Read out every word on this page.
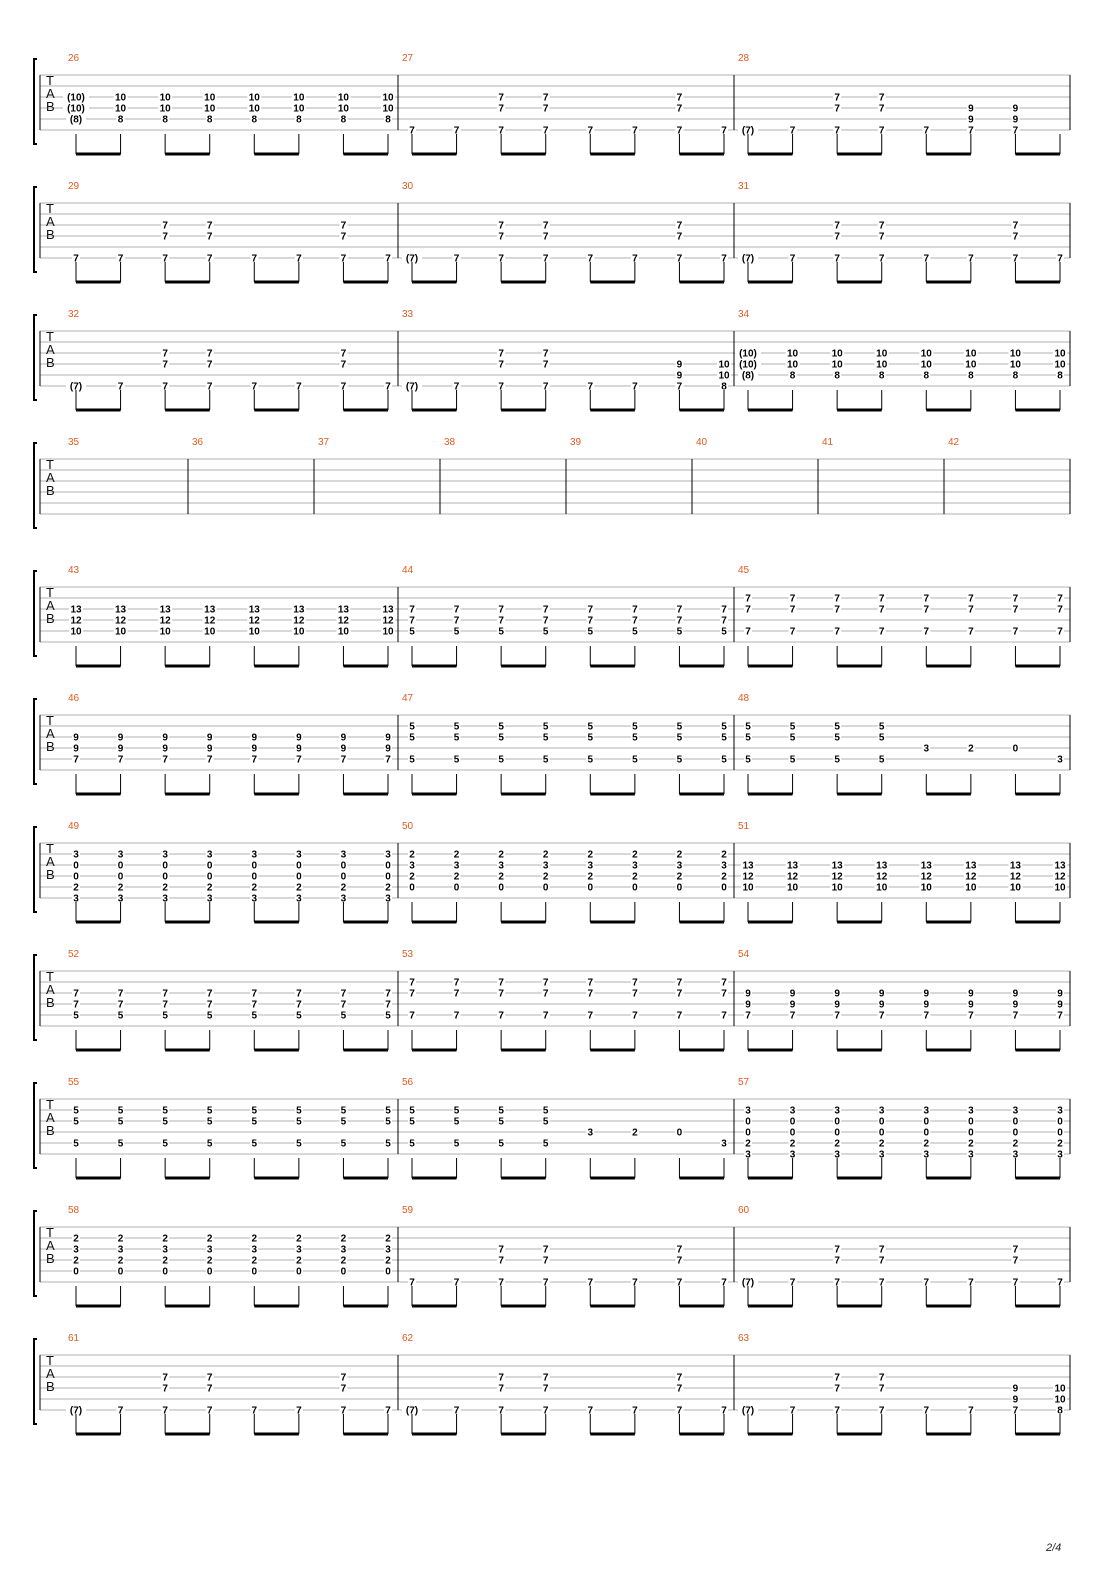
T
A
B
26
(10)
(10)
(8)
10
10
8
10
10
8
10
10
8
10
10
8
10
10
8
10
10
8
10
10
8
27
7	7
7
7
7
7
7
7	7	7
7
7
7	7
28
(7)	7
7
7
7
7
7
7	7
9
9
7
9
9
7
T
A
B
29
7	7
7
7
7
7
7
7	7	7
7
7
7	7
30
(7)	7
7
7
7
7
7
7	7	7
7
7
7	7
31
(7)	7
7
7
7
7
7
7	7	7
7
7
7	7
T
A
B
32
(7)	7
7
7
7
7
7
7	7	7
7
7
7	7
33
(7)	7
7
7
7
7
7
7	7	7
9
9
7
10
10
8
34
(10)
(10)
(8)
10
10
8
10
10
8
10
10
8
10
10
8
10
10
8
10
10
8
10
10
8
T
A
B
35	36	37	38	39	40	41	42
T
A
B
43
13
12
10
13
12
10
13
12
10
13
12
10
13
12
10
13
12
10
13
12
10
13
12
10
44
7
7
5
7
7
5
7
7
5
7
7
5
7
7
5
7
7
5
7
7
5
7
7
5
45
7
7
7
7
7
7
7
7
7
7
7
7
7
7
7
7
7
7
7
7
7
7
7
7
T
A
B
46
9
9
7
9
9
7
9
9
7
9
9
7
9
9
7
9
9
7
9
9
7
9
9
7
47
5
5
5
5
5
5
5
5
5
5
5
5
5
5
5
5
5
5
5
5
5
5
5
5
48
5
5
5
5
5
5
5
5
5
5
5
5
3	2	0
3
T
A
B
49
3
0
0
2
3
3
0
0
2
3
3
0
0
2
3
3
0
0
2
3
3
0
0
2
3
3
0
0
2
3
3
0
0
2
3
3
0
0
2
3
50
2
3
2
0
2
3
2
0
2
3
2
0
2
3
2
0
2
3
2
0
2
3
2
0
2
3
2
0
2
3
2
0
51
13
12
10
13
12
10
13
12
10
13
12
10
13
12
10
13
12
10
13
12
10
13
12
10
T
A
B
52
7
7
5
7
7
5
7
7
5
7
7
5
7
7
5
7
7
5
7
7
5
7
7
5
53
7
7
7
7
7
7
7
7
7
7
7
7
7
7
7
7
7
7
7
7
7
7
7
7
54
9
9
7
9
9
7
9
9
7
9
9
7
9
9
7
9
9
7
9
9
7
9
9
7
T
A
B
55
5
5
5
5
5
5
5
5
5
5
5
5
5
5
5
5
5
5
5
5
5
5
5
5
56
5
5
5
5
5
5
5
5
5
5
5
5
3	2	0
3
57
3
0
0
2
3
3
0
0
2
3
3
0
0
2
3
3
0
0
2
3
3
0
0
2
3
3
0
0
2
3
3
0
0
2
3
3
0
0
2
3
T
A
B
58
2
3
2
0
2
3
2
0
2
3
2
0
2
3
2
0
2
3
2
0
2
3
2
0
2
3
2
0
2
3
2
0
59
7	7
7
7
7
7
7
7	7	7
7
7
7	7
60
(7)	7
7
7
7
7
7
7	7	7
7
7
7	7
T
A
B
61
(7)	7
7
7
7
7
7
7	7	7
7
7
7	7
62
(7)	7
7
7
7
7
7
7	7	7
7
7
7	7
63
(7)	7
7
7
7
7
7
7	7	7
9
9
7
10
10
8
2/4
